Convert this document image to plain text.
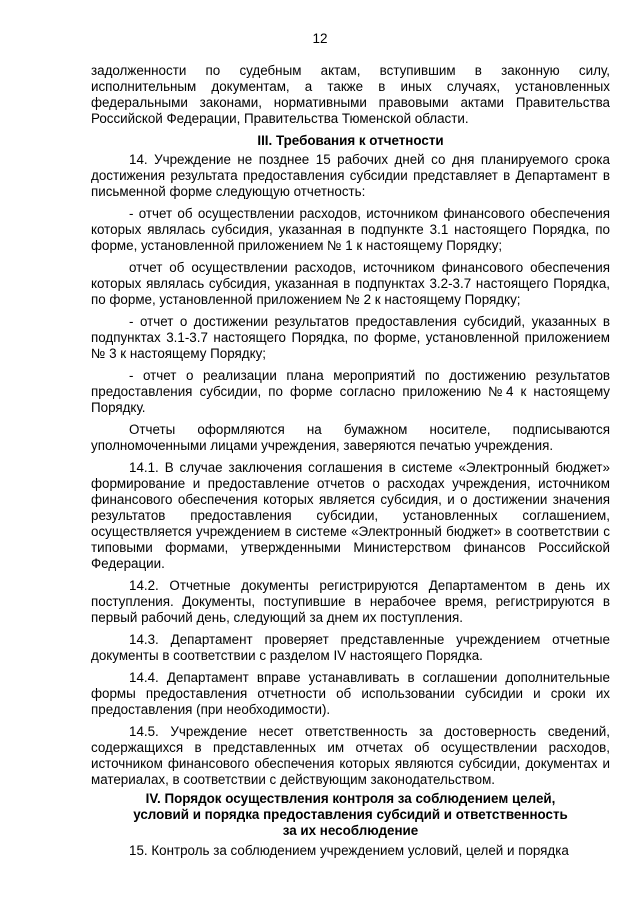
12

задолженности по судебным актам, вступившим в законную силу, исполнительным документам, а также в иных случаях, установленных федеральными законами, нормативными правовыми актами Правительства Российской Федерации, Правительства Тюменской области.

III. Требования к отчетности

14. Учреждение не позднее 15 рабочих дней со дня планируемого срока достижения результата предоставления субсидии представляет в Департамент в письменной форме следующую отчетность:

- отчет об осуществлении расходов, источником финансового обеспечения которых являлась субсидия, указанная в подпункте 3.1 настоящего Порядка, по форме, установленной приложением № 1 к настоящему Порядку;

отчет об осуществлении расходов, источником финансового обеспечения которых являлась субсидия, указанная в подпунктах 3.2-3.7 настоящего Порядка, по форме, установленной приложением № 2 к настоящему Порядку;

- отчет о достижении результатов предоставления субсидий, указанных в подпунктах 3.1-3.7 настоящего Порядка, по форме, установленной приложением № 3 к настоящему Порядку;

- отчет о реализации плана мероприятий по достижению результатов предоставления субсидии, по форме согласно приложению №4 к настоящему Порядку.

Отчеты оформляются на бумажном носителе, подписываются уполномоченными лицами учреждения, заверяются печатью учреждения.

14.1. В случае заключения соглашения в системе «Электронный бюджет» формирование и предоставление отчетов о расходах учреждения, источником финансового обеспечения которых является субсидия, и о достижении значения результатов предоставления субсидии, установленных соглашением, осуществляется учреждением в системе «Электронный бюджет» в соответствии с типовыми формами, утвержденными Министерством финансов Российской Федерации.

14.2. Отчетные документы регистрируются Департаментом в день их поступления. Документы, поступившие в нерабочее время, регистрируются в первый рабочий день, следующий за днем их поступления.

14.3. Департамент проверяет представленные учреждением отчетные документы в соответствии с разделом IV настоящего Порядка.

14.4. Департамент вправе устанавливать в соглашении дополнительные формы предоставления отчетности об использовании субсидии и сроки их предоставления (при необходимости).

14.5. Учреждение несет ответственность за достоверность сведений, содержащихся в представленных им отчетах об осуществлении расходов, источником финансового обеспечения которых являются субсидии, документах и материалах, в соответствии с действующим законодательством.

IV. Порядок осуществления контроля за соблюдением целей,
условий и порядка предоставления субсидий и ответственность
за их несоблюдение

15. Контроль за соблюдением учреждением условий, целей и порядка
